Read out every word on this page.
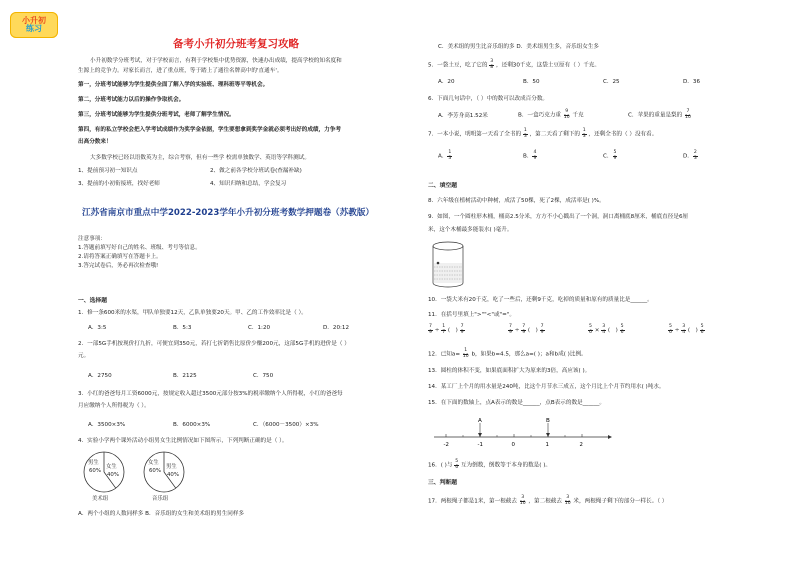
小升初
练习
备考小升初分班考复习攻略
小升初数学分班考试，对于学校而言，有利于学校集中优势资源，快速办出成绩，提高学校的知名度和
生源上的竞争力。对家长而言，进了重点班，等于踏上了通往名牌高中的'直通车'。
第一，分班考试能够为学生提供全面了解入学的实验班、理科班等平等机会。
第二，分班考试能力以后的操作争取机会。
第三，分班考试能够为学生提供分班考试，老师了解学生情况。
第四，有的私立学校会把入学考试成绩作为奖学金依据，学生要想拿到奖学金就必须考出好的成绩，力争考
出高分数来！
大多数学校已经以语数英为主，综合考察，但有一些学 校需单独数学、英语等学科测试。
1、提前预习初一知识点	2、做之前各学校分班试卷(查漏补缺)
3、提前的小初衔接班，找好老师	4、知识归纳和总结，学会复习
江苏省南京市重点中学2022-2023学年小升初分班考数学押题卷（苏教版）
注意事项：
1.答题前填写好自己的姓名、班级、考号等信息。
2.请将答案正确填写在答题卡上。
3.答完试卷后，务必再次检查哦!
一、选择题
1．修一条600米的水渠，甲队单独要12天，乙队单独要20天。甲、乙的工作效率比是（ ）。
A．3:5	B．5:3	C．1:20	D．20:12
2．一部5G手机按现价打九折，可便宜到350元，若打七折销售比原价少赚200元，这部5G手机的进价是（ ）
元。
A．2750	B．2125	C．750
3．小红的爸爸每月工资6000元，按规定收入超过3500元部分按3%的税率缴纳个人所得税，小红的爸爸每
月应缴纳个人所得税为（ ）。
A．3500×3%	B．6000×3%	C．（6000－3500）×3%
4．实验小学两个课外活动小组男女生比例情况如下图所示，下列判断正确的是（ ）。
男生
60%
女生
40%
美术组
女生
60%
男生
40%
音乐组
A．两个小组的人数同样多 B．音乐组的女生和美术组的男生同样多
C．美术组的男生比音乐组的多 D．美术组男生多，音乐组女生多
5．一袋土豆，吃了它的 $\frac{3}{8}$ ，还剩30千克，这袋土豆原有（ ）千克。
A．20	B．50	C．25	D．36
6．下面几句话中，（ ）中的数可以改成百分数。
A．李芳身高1.52米	B．一盒巧克力重 $\frac{9}{10}$ 千克	C．苹果的重量是梨的 $\frac{7}{10}$
7．一本小说，明明第一天看了全书的 $\frac{1}{3}$ ，第二天看了剩下的 $\frac{1}{3}$ ，还剩全书的（ ）没有看。
A． $\frac{1}{3}$	B． $\frac{4}{9}$	C． $\frac{5}{9}$	D． $\frac{2}{3}$
二、填空题
8．六年级在植树活动中种树，成活了50棵，死了2棵，成活率是( )%。
9．如图，一个圆柱形木桶，桶高2.5分米，方方不小心戳出了一个洞，洞口离桶底8厘米，桶底直径是6厘
米，这个木桶最多能装水( )毫升。
10．一袋大米有20千克，吃了一些后，还剩9千克，吃掉的质量和原有的质量比是______。
11．在括号里填上">""<"或"="。
$\frac{7}{9} \div \frac{1}{7}$ (　) $\frac{7}{9}$	$\frac{7}{9} \div \frac{7}{9}$ (　) $\frac{7}{9}$	$\frac{5}{6} \times \frac{3}{4}$ (　) $\frac{5}{6}$	$\frac{5}{6} \div \frac{3}{4}$ (　) $\frac{5}{6}$
12．已知$a= \frac{1}{10}$ b，如果b=4.5，那么a=( )；a和b成( )比例。
13．圆柱的体积不变，如果底面积扩大为原来的3倍，高应该( )。
14．某工厂上个月的用水量是240吨，比这个月节水三成五，这个月比上个月节约用水( )吨水。
15．在下面的数轴上，点A表示的数是______，点B表示的数是______。
-2	-1	0	1	2
A	B
16．( )与 $\frac{5}{6}$ 互为倒数，倒数等于本身的数是( )。
三、判断题
17．两根绳子都是1米，第一根截去 $\frac{3}{10}$ ，第二根截去 $\frac{3}{10}$ 米，两根绳子剩下的部分一样长。（ ）
